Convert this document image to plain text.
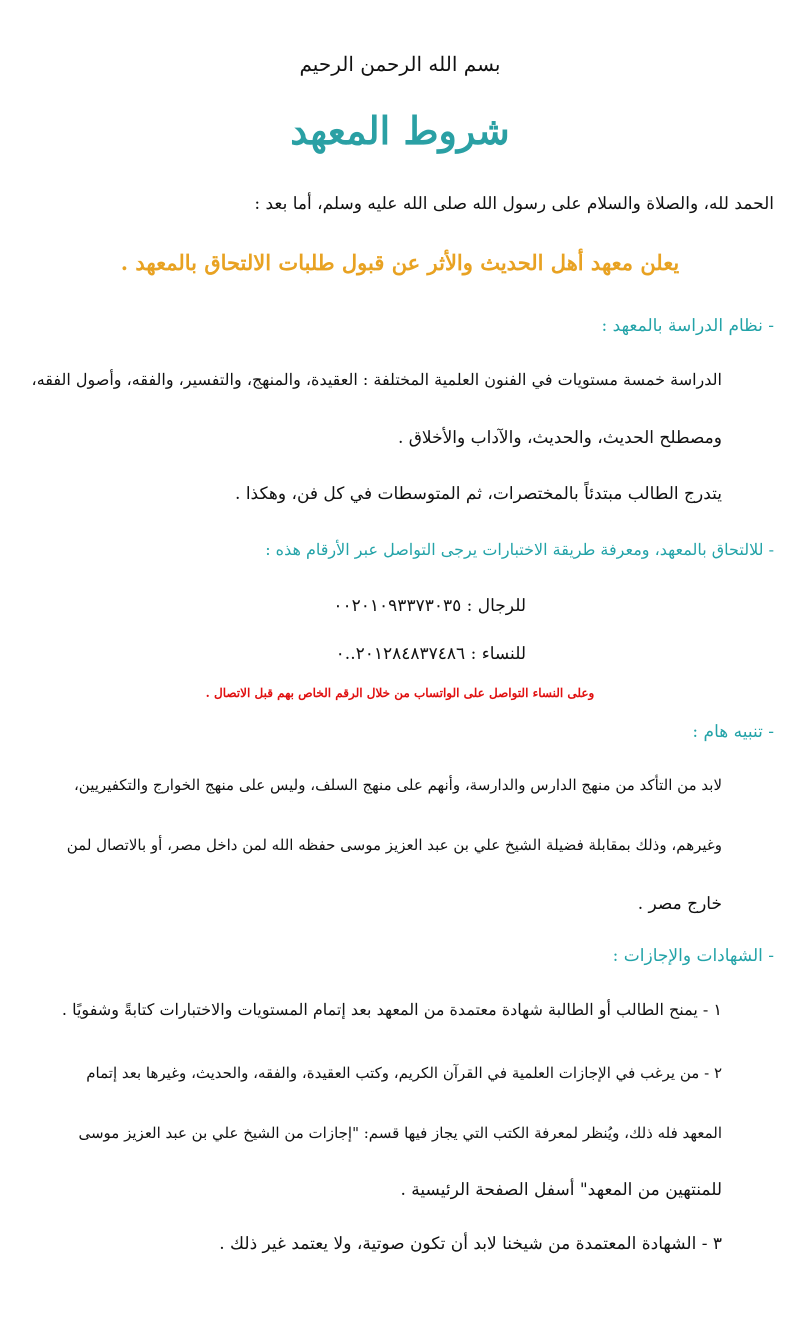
بسم الله الرحمن الرحيم
شروط المعهد
الحمد لله، والصلاة والسلام على رسول الله صلى الله عليه وسلم، أما بعد :
يعلن معهد أهل الحديث والأثر عن قبول طلبات الالتحاق بالمعهد .
- نظام الدراسة بالمعهد :
الدراسة خمسة مستويات في الفنون العلمية المختلفة : العقيدة، والمنهج، والتفسير، والفقه، وأصول الفقه،
ومصطلح الحديث، والحديث، والآداب والأخلاق .
يتدرج الطالب مبتدئاً بالمختصرات، ثم المتوسطات في كل فن، وهكذا .
- للالتحاق بالمعهد، ومعرفة طريقة الاختبارات يرجى التواصل عبر الأرقام هذه :
للرجال : ٠٠٢٠١٠٩٣٣٧٣٠٣٥
للنساء : ٢٠١٢٨٤٨٣٧٤٨٦..٠
وعلى النساء التواصل على الواتساب من خلال الرقم الخاص بهم قبل الاتصال .
- تنبيه هام :
لابد من التأكد من منهج الدارس والدارسة، وأنهم على منهج السلف، وليس على منهج الخوارج والتكفيريين،
وغيرهم، وذلك بمقابلة فضيلة الشيخ علي بن عبد العزيز موسى حفظه الله لمن داخل مصر، أو بالاتصال لمن
خارج مصر .
- الشهادات والإجازات :
١ - يمنح الطالب أو الطالبة شهادة معتمدة من المعهد بعد إتمام المستويات والاختبارات كتابةً وشفويًا .
٢ - من يرغب في الإجازات العلمية في القرآن الكريم، وكتب العقيدة، والفقه، والحديث، وغيرها بعد إتمام
المعهد فله ذلك، ويُنظر لمعرفة الكتب التي يجاز فيها قسم: "إجازات من الشيخ علي بن عبد العزيز موسى
للمنتهين من المعهد" أسفل الصفحة الرئيسية .
٣ - الشهادة المعتمدة من شيخنا لابد أن تكون صوتية، ولا يعتمد غير ذلك .
